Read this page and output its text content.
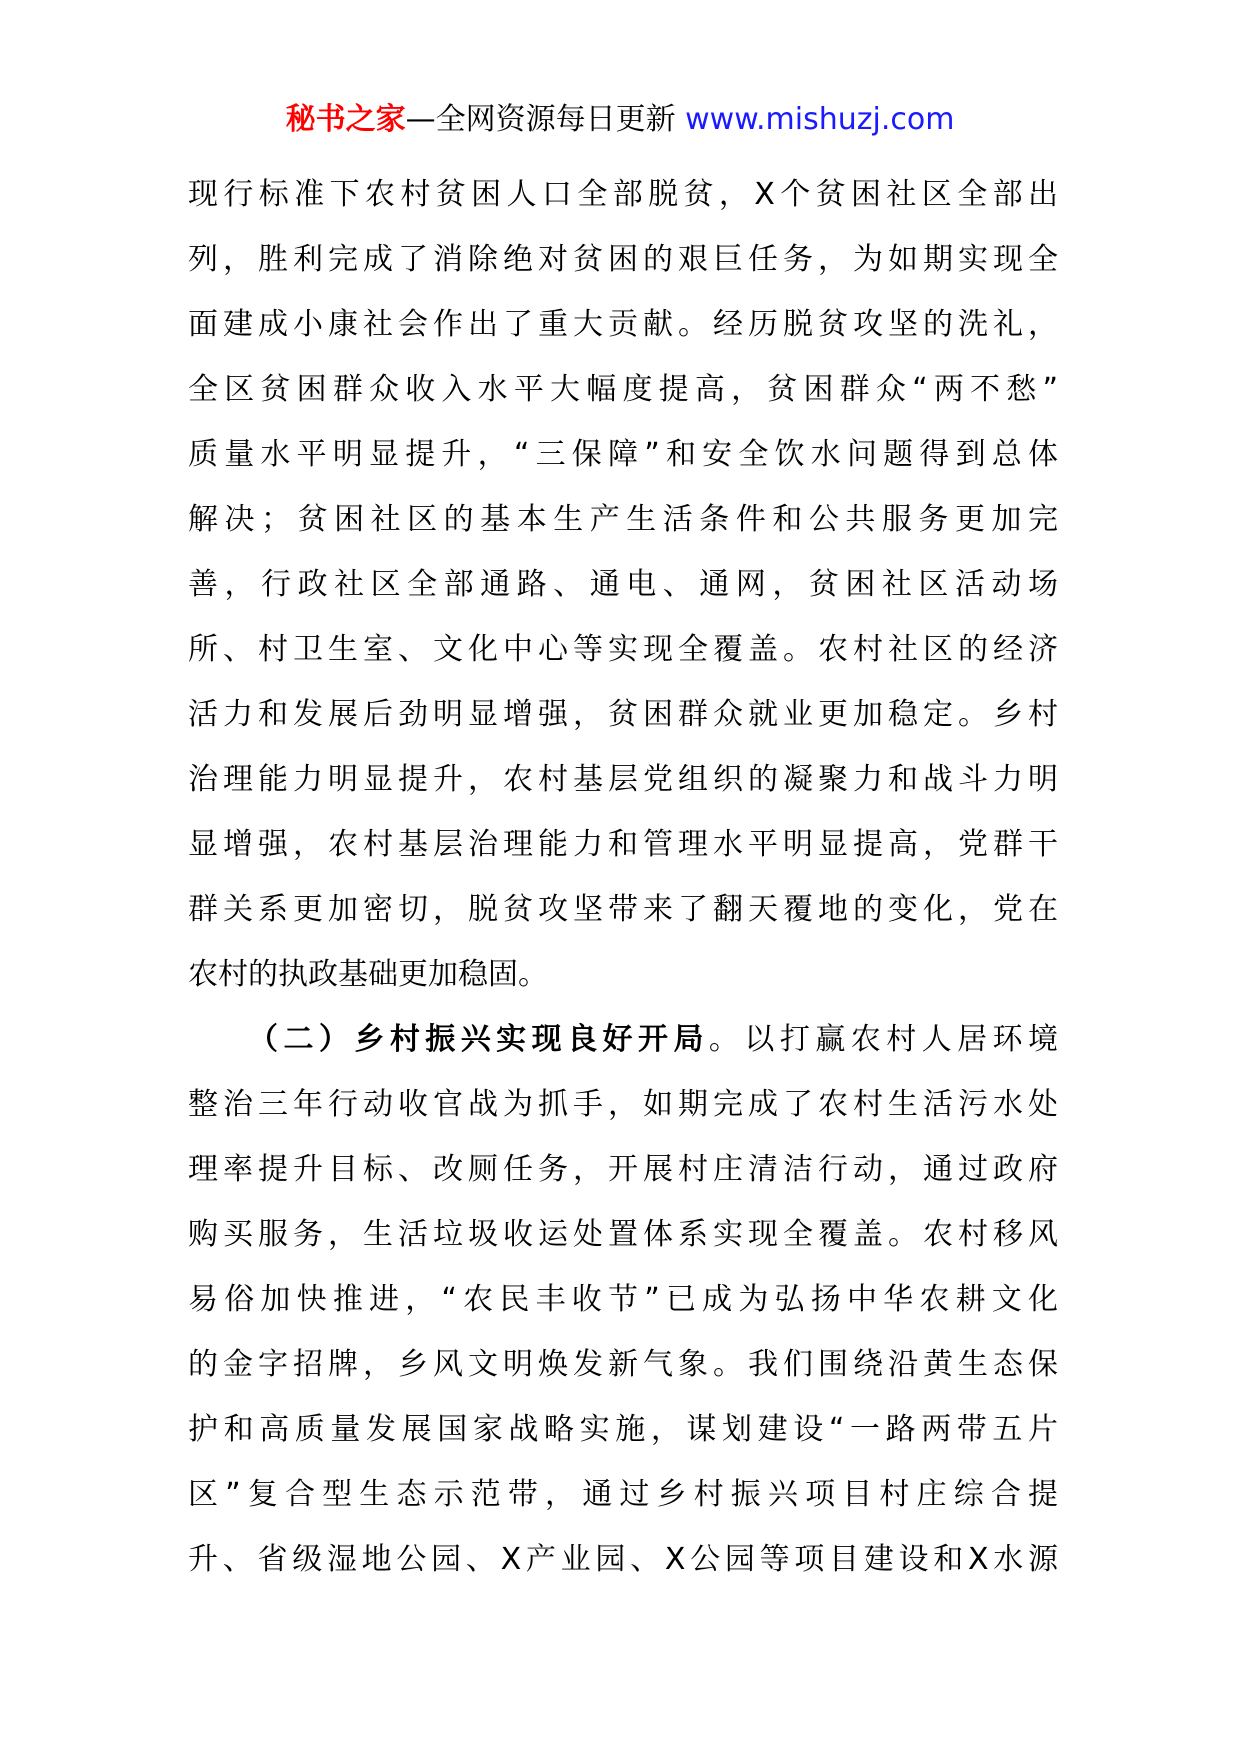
秘书之家—全网资源每日更新 www.mishuzj.com
现行标准下农村贫困人口全部脱贫，X个贫困社区全部出
列，胜利完成了消除绝对贫困的艰巨任务，为如期实现全
面建成小康社会作出了重大贡献。经历脱贫攻坚的洗礼，
全区贫困群众收入水平大幅度提高，贫困群众“两不愁”
质量水平明显提升，“三保障”和安全饮水问题得到总体
解决；贫困社区的基本生产生活条件和公共服务更加完
善，行政社区全部通路、通电、通网，贫困社区活动场
所、村卫生室、文化中心等实现全覆盖。农村社区的经济
活力和发展后劲明显增强，贫困群众就业更加稳定。乡村
治理能力明显提升，农村基层党组织的凝聚力和战斗力明
显增强，农村基层治理能力和管理水平明显提高，党群干
群关系更加密切，脱贫攻坚带来了翻天覆地的变化，党在
农村的执政基础更加稳固。
（二）乡村振兴实现良好开局。以打赢农村人居环境
整治三年行动收官战为抓手，如期完成了农村生活污水处
理率提升目标、改厕任务，开展村庄清洁行动，通过政府
购买服务，生活垃圾收运处置体系实现全覆盖。农村移风
易俗加快推进，“农民丰收节”已成为弘扬中华农耕文化
的金字招牌，乡风文明焕发新气象。我们围绕沿黄生态保
护和高质量发展国家战略实施，谋划建设“一路两带五片
区”复合型生态示范带，通过乡村振兴项目村庄综合提
升、省级湿地公园、X产业园、X公园等项目建设和X水源
